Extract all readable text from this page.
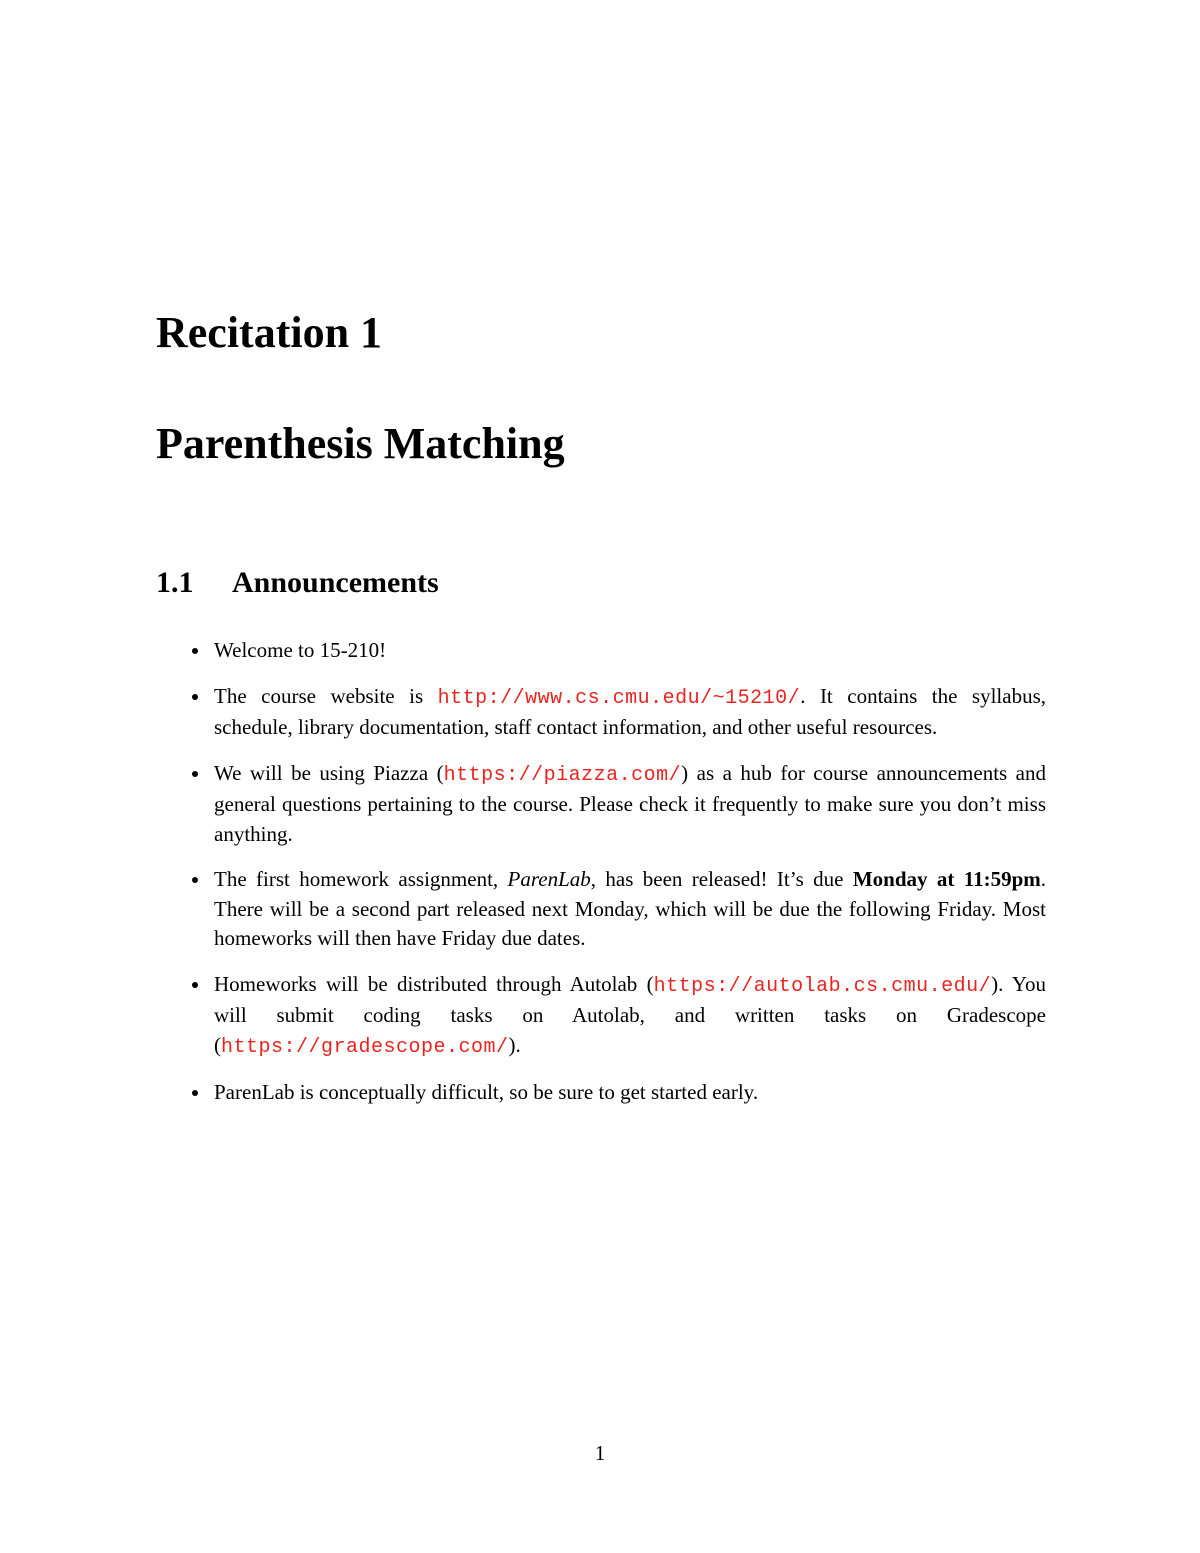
Recitation 1
Parenthesis Matching
1.1 Announcements
Welcome to 15-210!
The course website is http://www.cs.cmu.edu/~15210/. It contains the syllabus, schedule, library documentation, staff contact information, and other useful resources.
We will be using Piazza (https://piazza.com/) as a hub for course announcements and general questions pertaining to the course. Please check it frequently to make sure you don’t miss anything.
The first homework assignment, ParenLab, has been released! It’s due Monday at 11:59pm. There will be a second part released next Monday, which will be due the following Friday. Most homeworks will then have Friday due dates.
Homeworks will be distributed through Autolab (https://autolab.cs.cmu.edu/). You will submit coding tasks on Autolab, and written tasks on Gradescope (https://gradescope.com/).
ParenLab is conceptually difficult, so be sure to get started early.
1
